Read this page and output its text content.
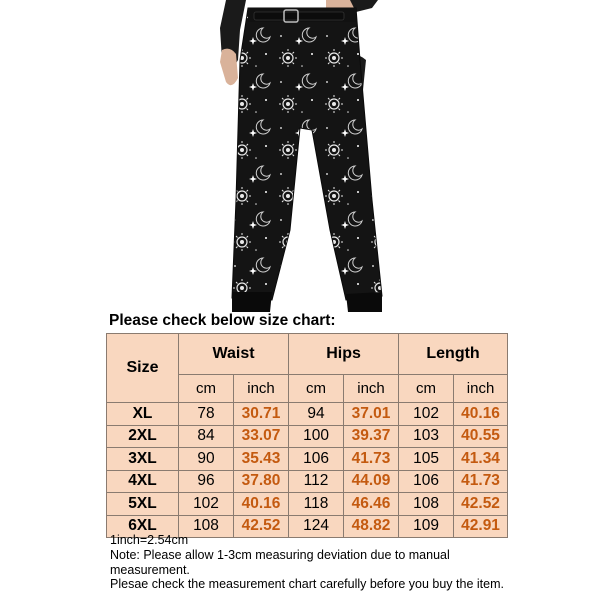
Please check below size chart:
Size	Waist		Hips		Length	
	cm	inch	cm	inch	cm	inch
XL	78	30.71	94	37.01	102	40.16
2XL	84	33.07	100	39.37	103	40.55
3XL	90	35.43	106	41.73	105	41.34
4XL	96	37.80	112	44.09	106	41.73
5XL	102	40.16	118	46.46	108	42.52
6XL	108	42.52	124	48.82	109	42.91
1inch=2.54cm
Note: Please allow 1-3cm measuring deviation due to manual measurement.
Plesae check the measurement chart carefully before you buy the item.
